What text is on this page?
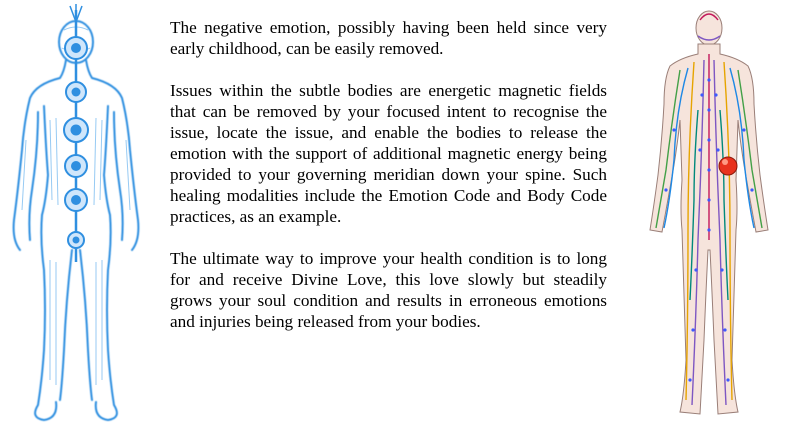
The negative emotion, possibly having been held since very early childhood, can be easily removed.

Issues within the subtle bodies are energetic magnetic fields that can be removed by your focused intent to recognise the issue, locate the issue, and enable the bodies to release the emotion with the support of additional magnetic energy being provided to your governing meridian down your spine. Such healing modalities include the Emotion Code and Body Code practices, as an example.

The ultimate way to improve your health condition is to long for and receive Divine Love, this love slowly but steadily grows your soul condition and results in erroneous emotions and injuries being released from your bodies.
